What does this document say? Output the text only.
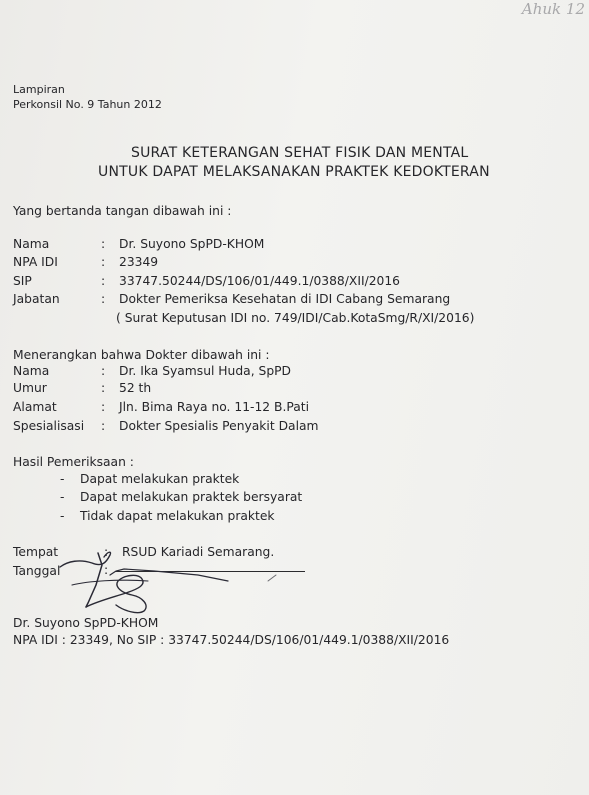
Ahuk 12
Lampiran
Perkonsil No. 9 Tahun 2012
SURAT KETERANGAN SEHAT FISIK DAN MENTAL
UNTUK DAPAT MELAKSANAKAN PRAKTEK KEDOKTERAN
Yang bertanda tangan dibawah ini :
Nama	: Dr. Suyono SpPD-KHOM
NPA IDI	: 23349
SIP	: 33747.50244/DS/106/01/449.1/0388/XII/2016
Jabatan	: Dokter Pemeriksa Kesehatan di IDI Cabang Semarang
( Surat Keputusan IDI no. 749/IDI/Cab.KotaSmg/R/XI/2016)
Menerangkan bahwa Dokter dibawah ini :
Nama	: Dr. Ika Syamsul Huda, SpPD
Umur	: 52 th
Alamat	: Jln. Bima Raya no. 11-12 B.Pati
Spesialisasi : Dokter Spesialis Penyakit Dalam
Hasil Pemeriksaan :
- Dapat melakukan praktek
- Dapat melakukan praktek bersyarat
- Tidak dapat melakukan praktek
Tempat	: RSUD Kariadi Semarang.
Tanggal	:
Dr. Suyono SpPD-KHOM
NPA IDI : 23349, No SIP : 33747.50244/DS/106/01/449.1/0388/XII/2016
